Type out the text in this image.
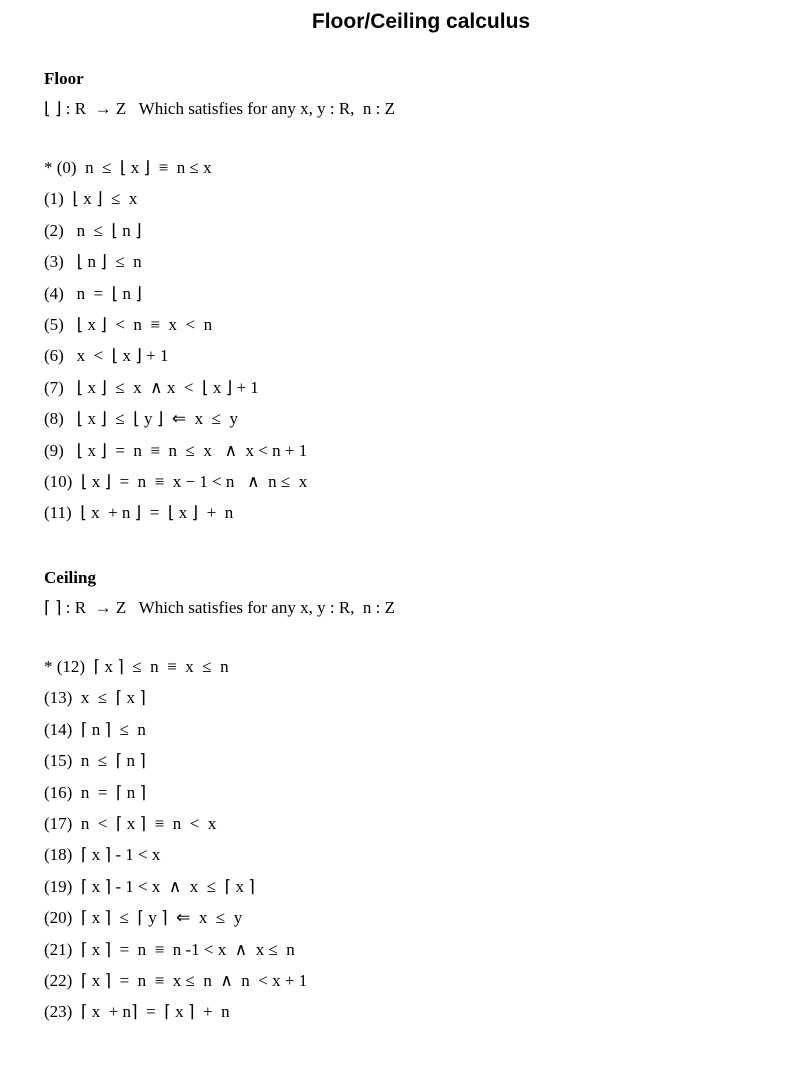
Floor/Ceiling calculus
Floor
⌊ ⌋ : R  → Z   Which satisfies for any x, y : R,  n : Z
* (0)  n  ≤  ⌊ x ⌋  ≡  n ≤ x
(1)  ⌊ x ⌋  ≤  x
(2)   n  ≤  ⌊ n ⌋
(3)   ⌊ n ⌋  ≤  n
(4)   n  =  ⌊ n ⌋
(5)   ⌊ x ⌋  <  n  ≡  x  <  n
(6)   x  <  ⌊ x ⌋ + 1
(7)   ⌊ x ⌋  ≤  x  ∧ x  <  ⌊ x ⌋ + 1
(8)   ⌊ x ⌋  ≤  ⌊ y ⌋  ⇐  x  ≤  y
(9)   ⌊ x ⌋  =  n  ≡  n  ≤  x   ∧  x < n + 1
(10)  ⌊ x ⌋  =  n  ≡  x − 1 < n   ∧  n ≤  x
(11)  ⌊ x  + n ⌋  =  ⌊ x ⌋  +  n
Ceiling
⌈ ⌉ : R  → Z   Which satisfies for any x, y : R,  n : Z
* (12)  ⌈ x ⌉  ≤  n  ≡  x  ≤  n
(13)  x  ≤  ⌈ x ⌉
(14)  ⌈ n ⌉  ≤  n
(15)  n  ≤  ⌈ n ⌉
(16)  n  =  ⌈ n ⌉
(17)  n  <  ⌈ x ⌉  ≡  n  <  x
(18)  ⌈ x ⌉ - 1 < x
(19)  ⌈ x ⌉ - 1 < x  ∧  x  ≤  ⌈ x ⌉
(20)  ⌈ x ⌉  ≤  ⌈ y ⌉  ⇐  x  ≤  y
(21)  ⌈ x ⌉  =  n  ≡  n -1 < x  ∧  x ≤  n
(22)  ⌈ x ⌉  =  n  ≡  x ≤  n  ∧  n  < x + 1
(23)  ⌈ x  + n⌉  =  ⌈ x ⌉  +  n
